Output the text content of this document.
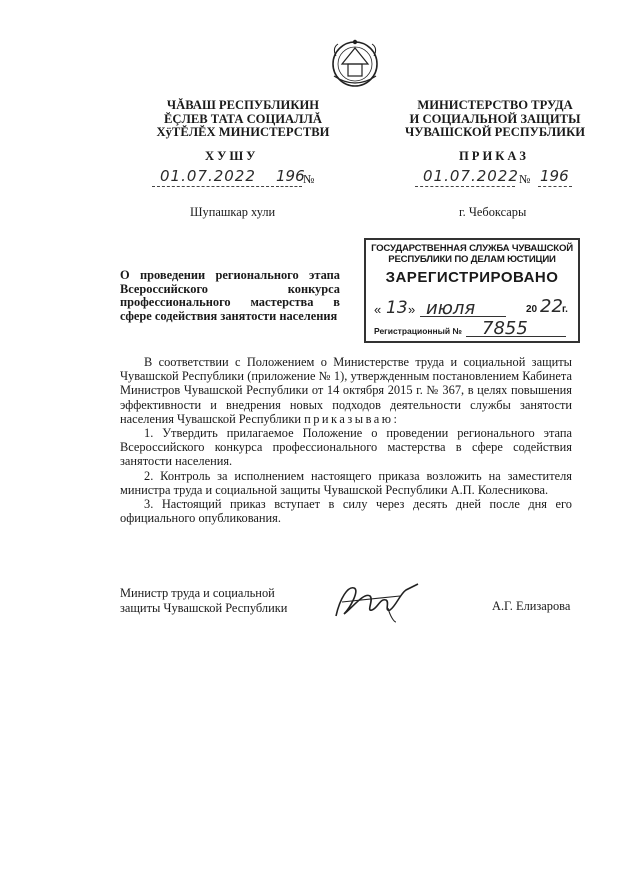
ЧĂВАШ РЕСПУБЛИКИН
ĔÇЛЕВ ТАТА СОЦИАЛЛĂ
ХÿТĔЛĔХ МИНИСТЕРСТВИ
МИНИСТЕРСТВО ТРУДА
И СОЦИАЛЬНОЙ ЗАЩИТЫ
ЧУВАШСКОЙ РЕСПУБЛИКИ
ХУШУ	ПРИКАЗ
01.07.2022 196
№	01.07.2022 № 196
Шупашкар хули	г. Чебоксары
ГОСУДАРСТВЕННАЯ СЛУЖБА ЧУВАШСКОЙ
РЕСПУБЛИКИ ПО ДЕЛАМ ЮСТИЦИИ
ЗАРЕГИСТРИРОВАНО
« 13 » июля	20 22 г.
Регистрационный № 7855
О проведении регионального этапа Всероссийского конкурса профессионального мастерства в сфере содействия занятости населения

В соответствии с Положением о Министерстве труда и социальной защиты Чувашской Республики (приложение № 1), утвержденным постановлением Кабинета Министров Чувашской Республики от 14 октября 2015 г. № 367, в целях повышения эффективности и внедрения новых подходов деятельности службы занятости населения Чувашской Республики приказываю:

1. Утвердить прилагаемое Положение о проведении регионального этапа Всероссийского конкурса профессионального мастерства в сфере содействия занятости населения.

2. Контроль за исполнением настоящего приказа возложить на заместителя министра труда и социальной защиты Чувашской Республики А.П. Колесникова.

3. Настоящий приказ вступает в силу через десять дней после дня его официального опубликования.

Министр труда и социальной
защиты Чувашской Республики	А.Г. Елизарова
